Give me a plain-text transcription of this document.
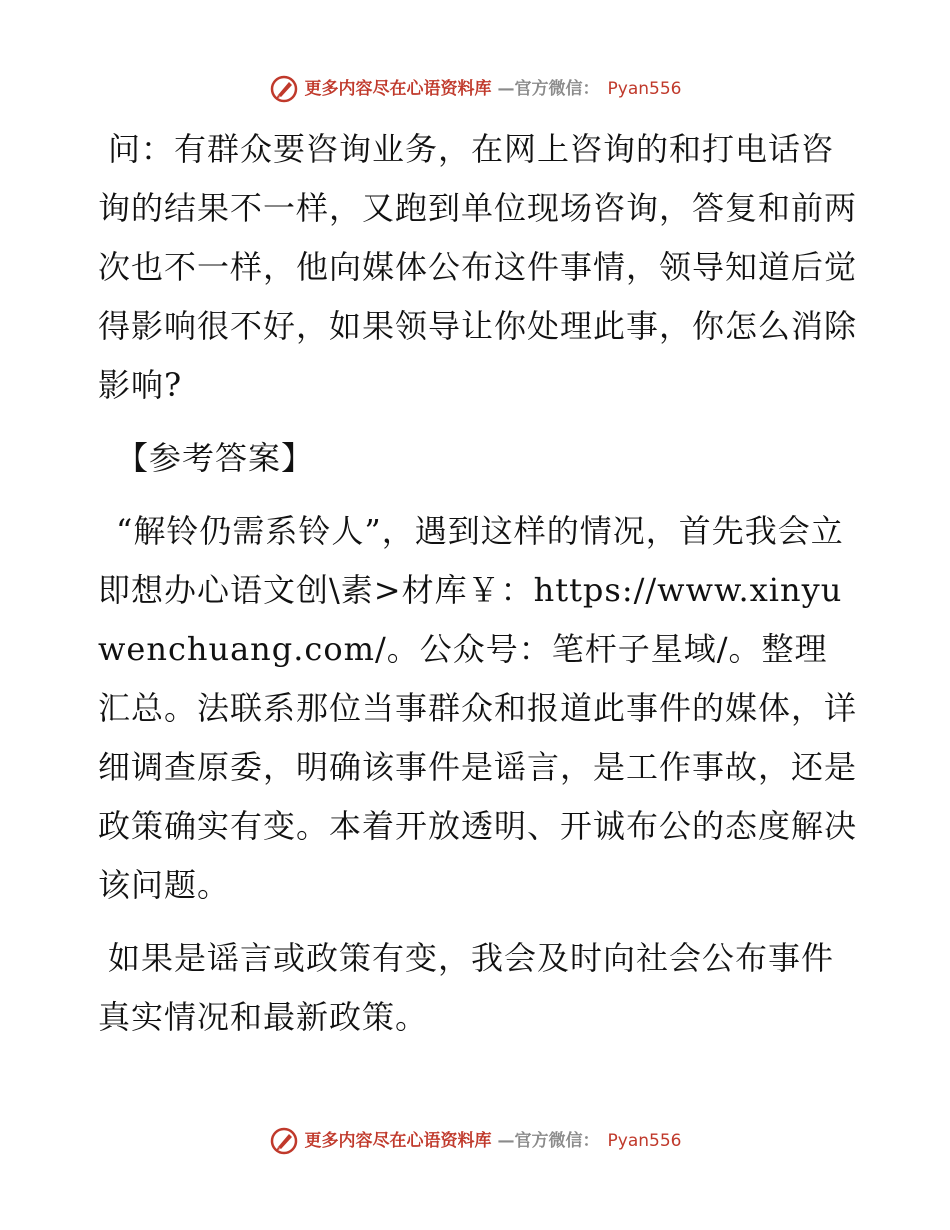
更多内容尽在心语资料库 —官方微信： Pyan556

问：有群众要咨询业务，在网上咨询的和打电话咨询的结果不一样，又跑到单位现场咨询，答复和前两次也不一样，他向媒体公布这件事情，领导知道后觉得影响很不好，如果领导让你处理此事，你怎么消除影响?

【参考答案】

“解铃仍需系铃人”，遇到这样的情况，首先我会立即想办心语文创\素>材库￥：https://www.xinyuwenchuang.com/。公众号：笔杆子星域/。整理汇总。法联系那位当事群众和报道此事件的媒体，详细调查原委，明确该事件是谣言，是工作事故，还是政策确实有变。本着开放透明、开诚布公的态度解决该问题。

如果是谣言或政策有变，我会及时向社会公布事件真实情况和最新政策。

更多内容尽在心语资料库 —官方微信： Pyan556
